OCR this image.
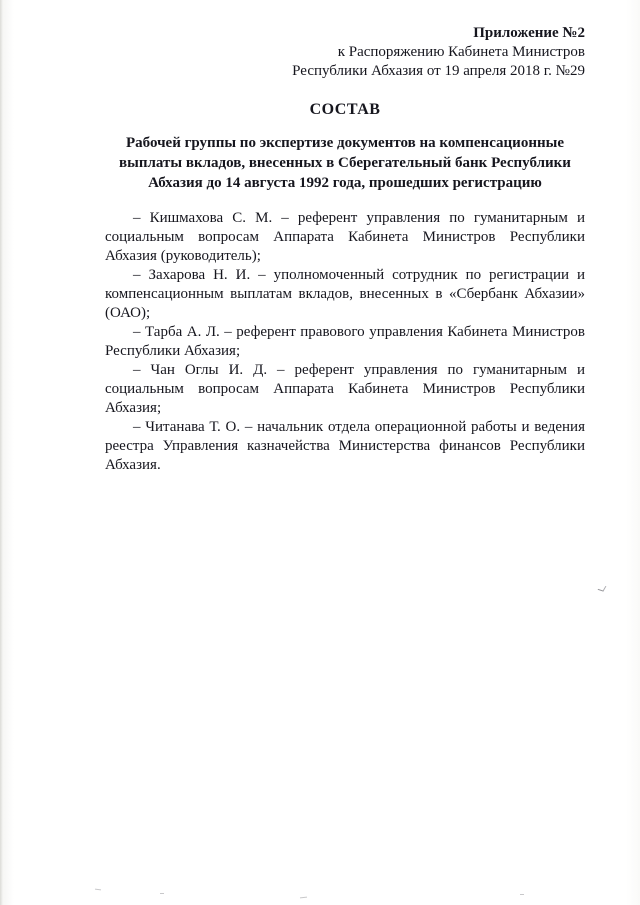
Приложение №2
к Распоряжению Кабинета Министров
Республики Абхазия от 19 апреля 2018 г. №29
СОСТАВ

Рабочей группы по экспертизе документов на компенсационные выплаты вкладов, внесенных в Сберегательный банк Республики Абхазия до 14 августа 1992 года, прошедших регистрацию

– Кишмахова С. М. – референт управления по гуманитарным и социальным вопросам Аппарата Кабинета Министров Республики Абхазия (руководитель);

– Захарова Н. И. – уполномоченный сотрудник по регистрации и компенсационным выплатам вкладов, внесенных в «Сбербанк Абхазии» (ОАО);

– Тарба А. Л. – референт правового управления Кабинета Министров Республики Абхазия;

– Чан Оглы И. Д. – референт управления по гуманитарным и социальным вопросам Аппарата Кабинета Министров Республики Абхазия;

– Читанава Т. О. – начальник отдела операционной работы и ведения реестра Управления казначейства Министерства финансов Республики Абхазия.
